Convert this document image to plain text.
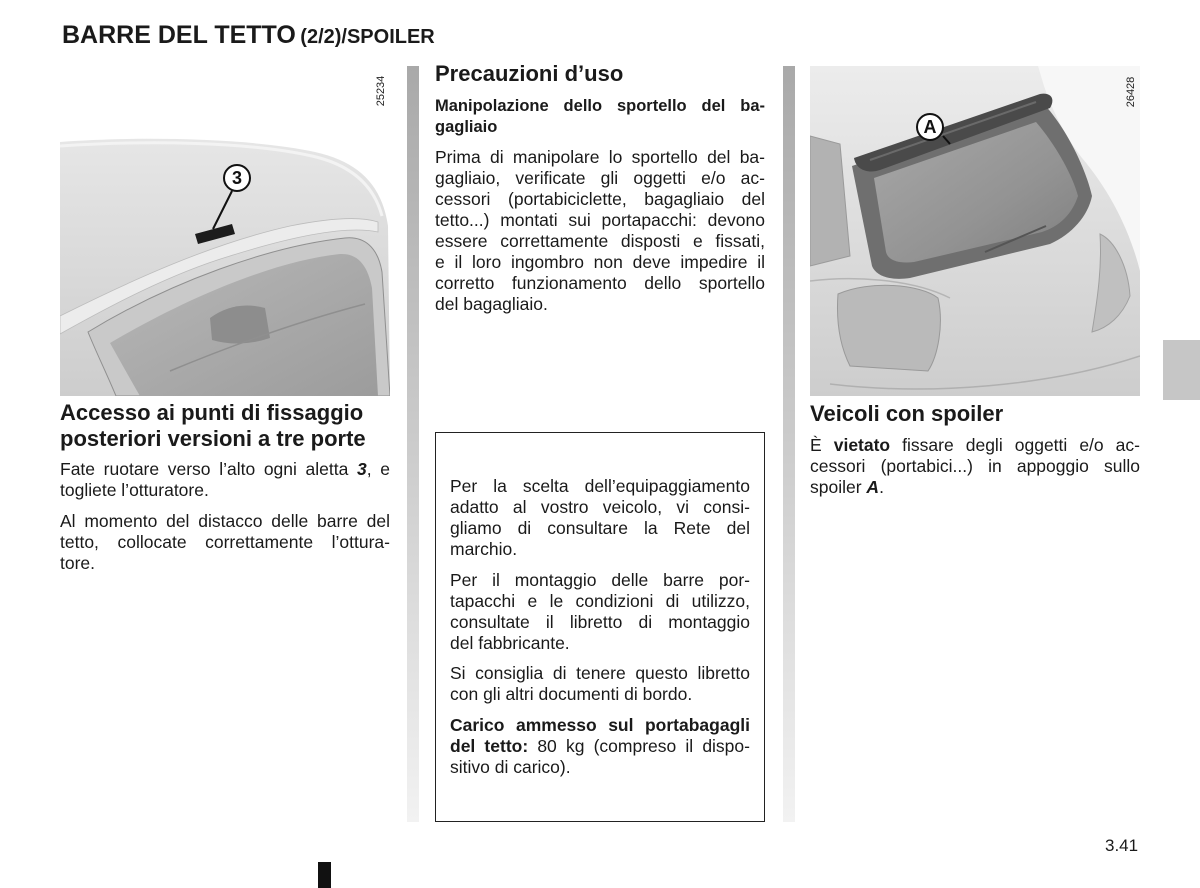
BARRE DEL TETTO (2/2)/SPOILER
25234
3
Accesso ai punti di fissaggio
posteriori versioni a tre porte
Fate ruotare verso l’alto ogni aletta 3, e
togliete l’otturatore.
Al momento del distacco delle barre del
tetto, collocate correttamente l’ottura-
tore.
Precauzioni d’uso
Manipolazione dello sportello del ba-
gagliaio
Prima di manipolare lo sportello del ba-
gagliaio, verificate gli oggetti e/o ac-
cessori (portabiciclette, bagagliaio del
tetto...) montati sui portapacchi: devono
essere correttamente disposti e fissati,
e il loro ingombro non deve impedire il
corretto funzionamento dello sportello
del bagagliaio.
Per la scelta dell’equipaggiamento
adatto al vostro veicolo, vi consi-
gliamo di consultare la Rete del
marchio.
Per il montaggio delle barre por-
tapacchi e le condizioni di utilizzo,
consultate il libretto di montaggio
del fabbricante.
Si consiglia di tenere questo libretto
con gli altri documenti di bordo.
Carico ammesso sul portabagagli
del tetto: 80 kg (compreso il dispo-
sitivo di carico).
26428
A
Veicoli con spoiler
È vietato fissare degli oggetti e/o ac-
cessori (portabici...) in appoggio sullo
spoiler A.
3.41
